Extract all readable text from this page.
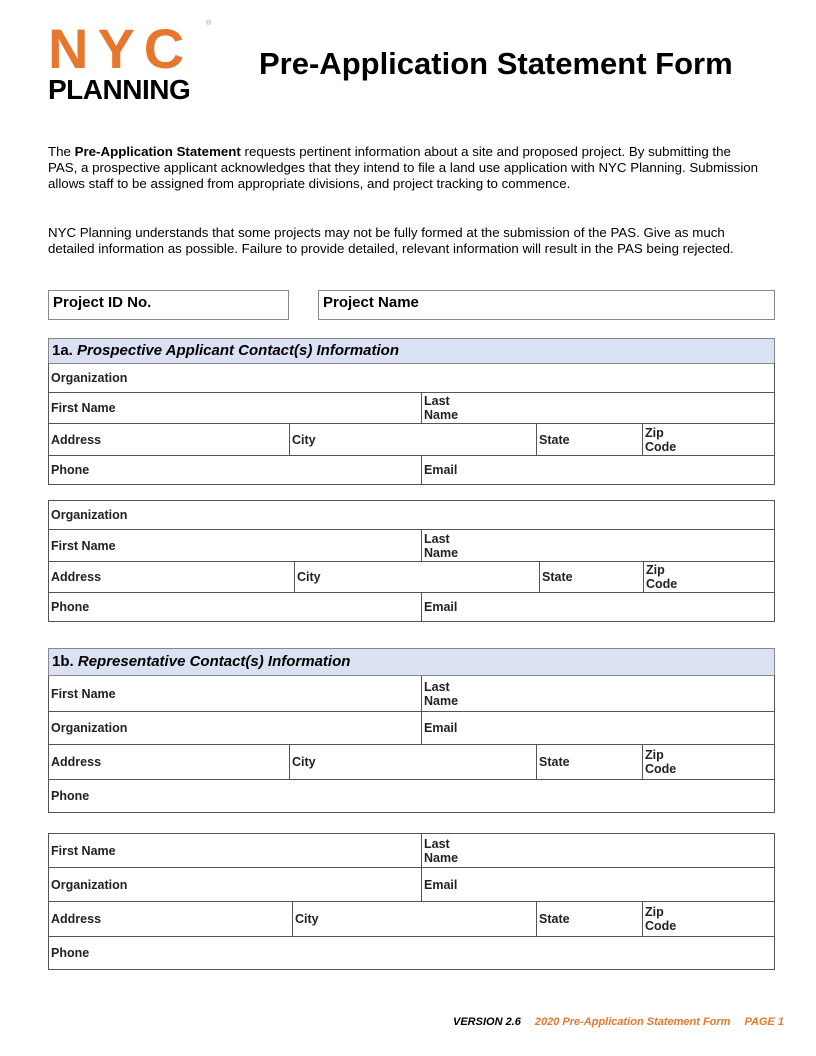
NYC ®
PLANNING
Pre-Application Statement Form
The Pre-Application Statement requests pertinent information about a site and proposed project. By submitting the PAS, a prospective applicant acknowledges that they intend to file a land use application with NYC Planning. Submission allows staff to be assigned from appropriate divisions, and project tracking to commence.
NYC Planning understands that some projects may not be fully formed at the submission of the PAS. Give as much detailed information as possible. Failure to provide detailed, relevant information will result in the PAS being rejected.
Project ID No.	Project Name
1a. Prospective Applicant Contact(s) Information
Organization
First Name	Last Name
Address	City	State	Zip Code
Phone	Email
Organization
First Name	Last Name
Address	City	State	Zip Code
Phone	Email
1b. Representative Contact(s) Information
First Name	Last Name
Organization	Email
Address	City	State	Zip Code
Phone
First Name	Last Name
Organization	Email
Address	City	State	Zip Code
Phone
VERSION 2.6 2020 Pre-Application Statement Form PAGE 1
